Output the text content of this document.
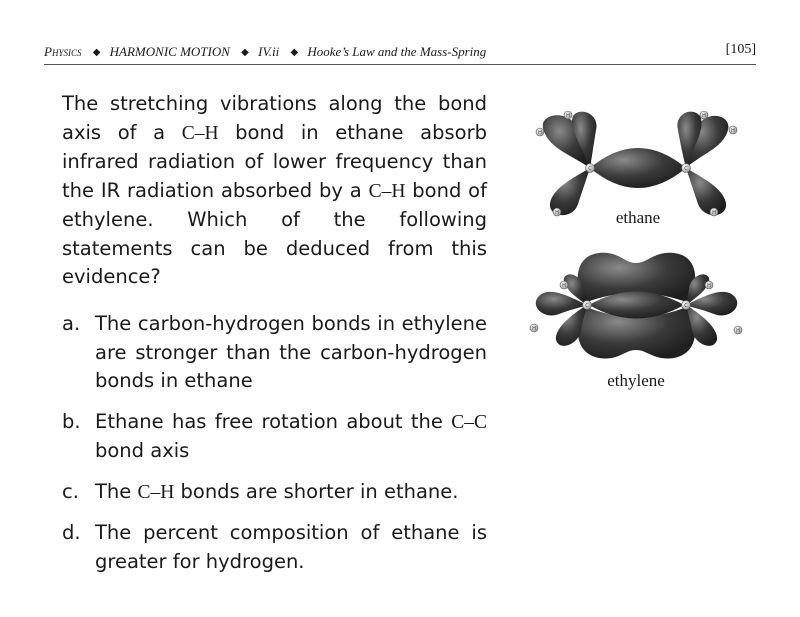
Physics ◆ HARMONIC MOTION ◆ IV.ii ◆ Hooke’s Law and the Mass-Spring	[105]
The stretching vibrations along the bond axis of a C–H bond in ethane absorb infrared radiation of lower frequency than the IR radiation absorbed by a C–H bond of ethylene. Which of the following statements can be deduced from this evidence?
a. The carbon-hydrogen bonds in ethylene are stronger than the carbon-hydrogen bonds in ethane
b. Ethane has free rotation about the C–C bond axis
c. The C–H bonds are shorter in ethane.
d. The percent composition of ethane is greater for hydrogen.
C	C
H
H
H
H
H
H
ethane
C	C
H
H
H
H
ethylene
